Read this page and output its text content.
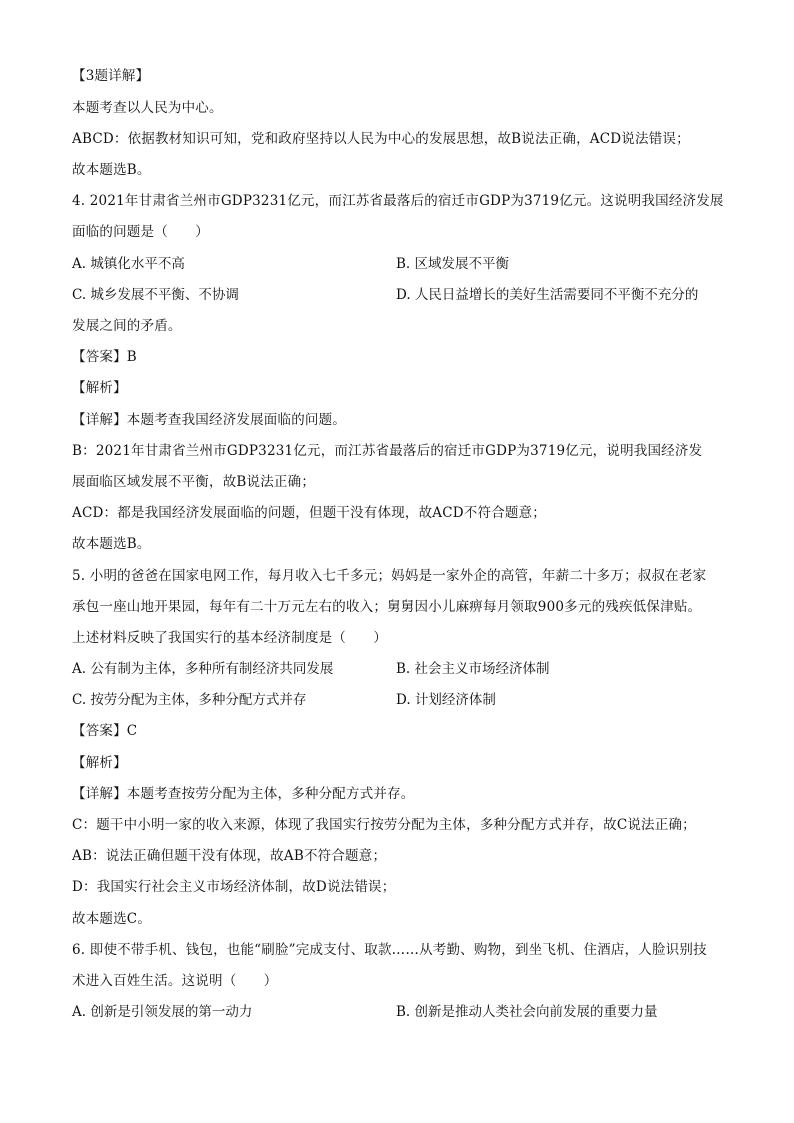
【3题详解】
本题考查以人民为中心。
ABCD：依据教材知识可知，党和政府坚持以人民为中心的发展思想，故B说法正确，ACD说法错误；
故本题选B。
4. 2021年甘肃省兰州市GDP3231亿元，而江苏省最落后的宿迁市GDP为3719亿元。这说明我国经济发展
面临的问题是（　　）
A. 城镇化水平不高	B. 区域发展不平衡
C. 城乡发展不平衡、不协调	D. 人民日益增长的美好生活需要同不平衡不充分的
发展之间的矛盾。
【答案】B
【解析】
【详解】本题考查我国经济发展面临的问题。
B：2021年甘肃省兰州市GDP3231亿元，而江苏省最落后的宿迁市GDP为3719亿元，说明我国经济发
展面临区域发展不平衡，故B说法正确；
ACD：都是我国经济发展面临的问题，但题干没有体现，故ACD不符合题意；
故本题选B。
5. 小明的爸爸在国家电网工作，每月收入七千多元；妈妈是一家外企的高管，年薪二十多万；叔叔在老家
承包一座山地开果园，每年有二十万元左右的收入；舅舅因小儿麻痹每月领取900多元的残疾低保津贴。
上述材料反映了我国实行的基本经济制度是（　　）
A. 公有制为主体，多种所有制经济共同发展	B. 社会主义市场经济体制
C. 按劳分配为主体，多种分配方式并存	D. 计划经济体制
【答案】C
【解析】
【详解】本题考查按劳分配为主体，多种分配方式并存。
C：题干中小明一家的收入来源，体现了我国实行按劳分配为主体，多种分配方式并存，故C说法正确；
AB：说法正确但题干没有体现，故AB不符合题意；
D：我国实行社会主义市场经济体制，故D说法错误；
故本题选C。
6. 即使不带手机、钱包，也能“刷脸”完成支付、取款……从考勤、购物，到坐飞机、住酒店，人脸识别技
术进入百姓生活。这说明（　　）
A. 创新是引领发展的第一动力	B. 创新是推动人类社会向前发展的重要力量
